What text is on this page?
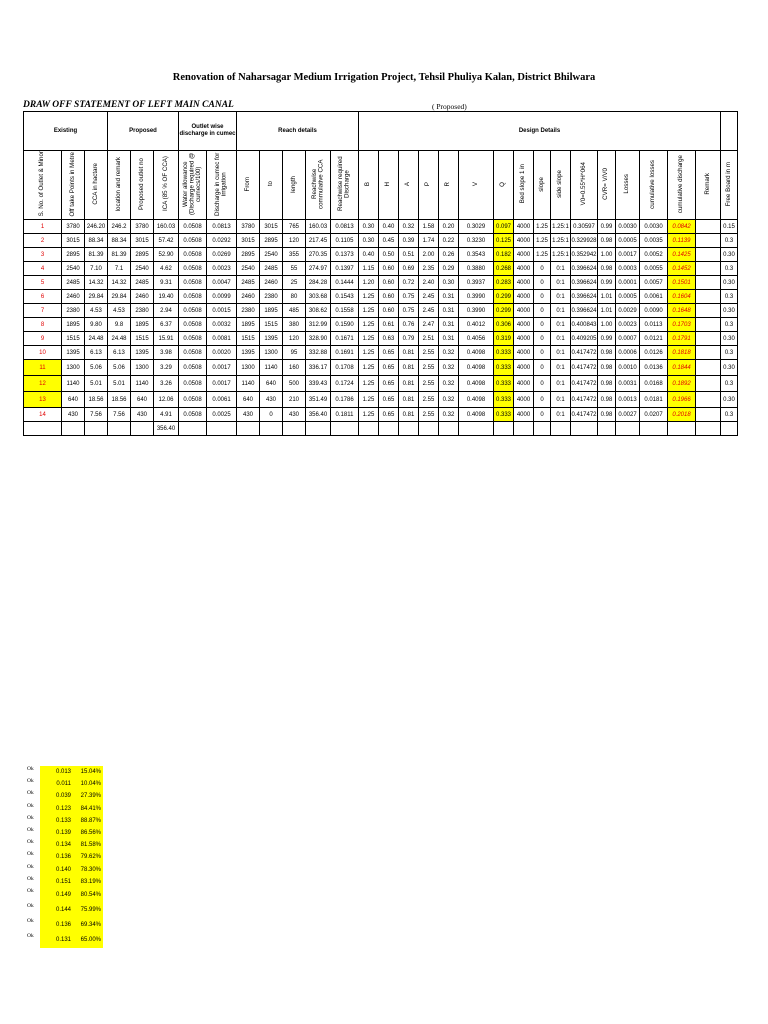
Renovation of Naharsagar Medium Irrigation Project, Tehsil Phuliya Kalan, District Bhilwara
DRAW OFF STATEMENT OF LEFT MAIN CANAL	( Proposed)
Existing			Proposed			Outlet wise discharge in cumec		Reach details					Design Details																
S. No. of Outlet & Minor	Off take Points in Metre	CCA in hactare	location and remark	Proposed outlet no	ICA (85 % OF CCA)	Water allowance (Discharge required @ cumecs/100)	Discharge in cumec for irrigation	From	to	length	Reachwise commulative CCA	Reachwise required Discharge	B	H	A	P	R	V	Q	Bed slope 1 in	slope	side slope	V0=0.55*H^064	CVR= V/V0	Losses	cumulative losses	cumulative discharge	Remark	Free Board in m
1	3780	246.20	246.2	3780	160.03	0.0508	0.0813	3780	3015	765	160.03	0.0813	0.30	0.40	0.32	1.58	0.20	0.3029	0.097	4000	1.25	1.25:1	0.30597	0.99	0.0030	0.0030	0.0842		0.15
2	3015	88.34	88.34	3015	57.42	0.0508	0.0292	3015	2895	120	217.45	0.1105	0.30	0.45	0.39	1.74	0.22	0.3230	0.125	4000	1.25	1.25:1	0.329928	0.98	0.0005	0.0035	0.1139		0.3
3	2895	81.39	81.39	2895	52.90	0.0508	0.0269	2895	2540	355	270.35	0.1373	0.40	0.50	0.51	2.00	0.26	0.3543	0.182	4000	1.25	1.25:1	0.352942	1.00	0.0017	0.0052	0.1425		0.30
4	2540	7.10	7.1	2540	4.62	0.0508	0.0023	2540	2485	55	274.97	0.1397	1.15	0.60	0.69	2.35	0.29	0.3880	0.268	4000	0	0:1	0.396624	0.98	0.0003	0.0055	0.1452		0.3
5	2485	14.32	14.32	2485	9.31	0.0508	0.0047	2485	2460	25	284.28	0.1444	1.20	0.60	0.72	2.40	0.30	0.3937	0.283	4000	0	0:1	0.396624	0.99	0.0001	0.0057	0.1501		0.30
6	2460	29.84	29.84	2460	19.40	0.0508	0.0099	2460	2380	80	303.68	0.1543	1.25	0.60	0.75	2.45	0.31	0.3990	0.299	4000	0	0:1	0.396624	1.01	0.0005	0.0061	0.1604		0.3
7	2380	4.53	4.53	2380	2.94	0.0508	0.0015	2380	1895	485	308.62	0.1558	1.25	0.60	0.75	2.45	0.31	0.3990	0.299	4000	0	0:1	0.396624	1.01	0.0029	0.0090	0.1648		0.30
8	1895	9.80	9.8	1895	6.37	0.0508	0.0032	1895	1515	380	312.99	0.1590	1.25	0.61	0.76	2.47	0.31	0.4012	0.306	4000	0	0:1	0.400843	1.00	0.0023	0.0113	0.1703		0.3
9	1515	24.48	24.48	1515	15.91	0.0508	0.0081	1515	1395	120	328.90	0.1671	1.25	0.63	0.79	2.51	0.31	0.4056	0.319	4000	0	0:1	0.409205	0.99	0.0007	0.0121	0.1791		0.30
10	1395	6.13	6.13	1395	3.98	0.0508	0.0020	1395	1300	95	332.88	0.1691	1.25	0.65	0.81	2.55	0.32	0.4098	0.333	4000	0	0:1	0.417472	0.98	0.0006	0.0126	0.1818		0.3
11	1300	5.06	5.06	1300	3.29	0.0508	0.0017	1300	1140	160	336.17	0.1708	1.25	0.65	0.81	2.55	0.32	0.4098	0.333	4000	0	0:1	0.417472	0.98	0.0010	0.0136	0.1844		0.30
12	1140	5.01	5.01	1140	3.26	0.0508	0.0017	1140	640	500	339.43	0.1724	1.25	0.65	0.81	2.55	0.32	0.4098	0.333	4000	0	0:1	0.417472	0.98	0.0031	0.0168	0.1892		0.3
13	640	18.56	18.56	640	12.06	0.0508	0.0061	640	430	210	351.49	0.1786	1.25	0.65	0.81	2.55	0.32	0.4098	0.333	4000	0	0:1	0.417472	0.98	0.0013	0.0181	0.1966		0.30
14	430	7.56	7.56	430	4.91	0.0508	0.0025	430	0	430	356.40	0.1811	1.25	0.65	0.81	2.55	0.32	0.4098	0.333	4000	0	0:1	0.417472	0.98	0.0027	0.0207	0.2018		0.3
					356.40																								
Ok	0.013	15.04%
Ok	0.011	10.04%
Ok	0.039	27.39%
Ok	0.123	84.41%
Ok	0.133	88.87%
Ok	0.139	86.56%
Ok	0.134	81.58%
Ok	0.136	79.62%
Ok	0.140	78.30%
Ok	0.151	83.19%
Ok	0.149	80.54%
Ok	0.144	75.99%
Ok	0.136	69.34%
Ok	0.131	65.00%
